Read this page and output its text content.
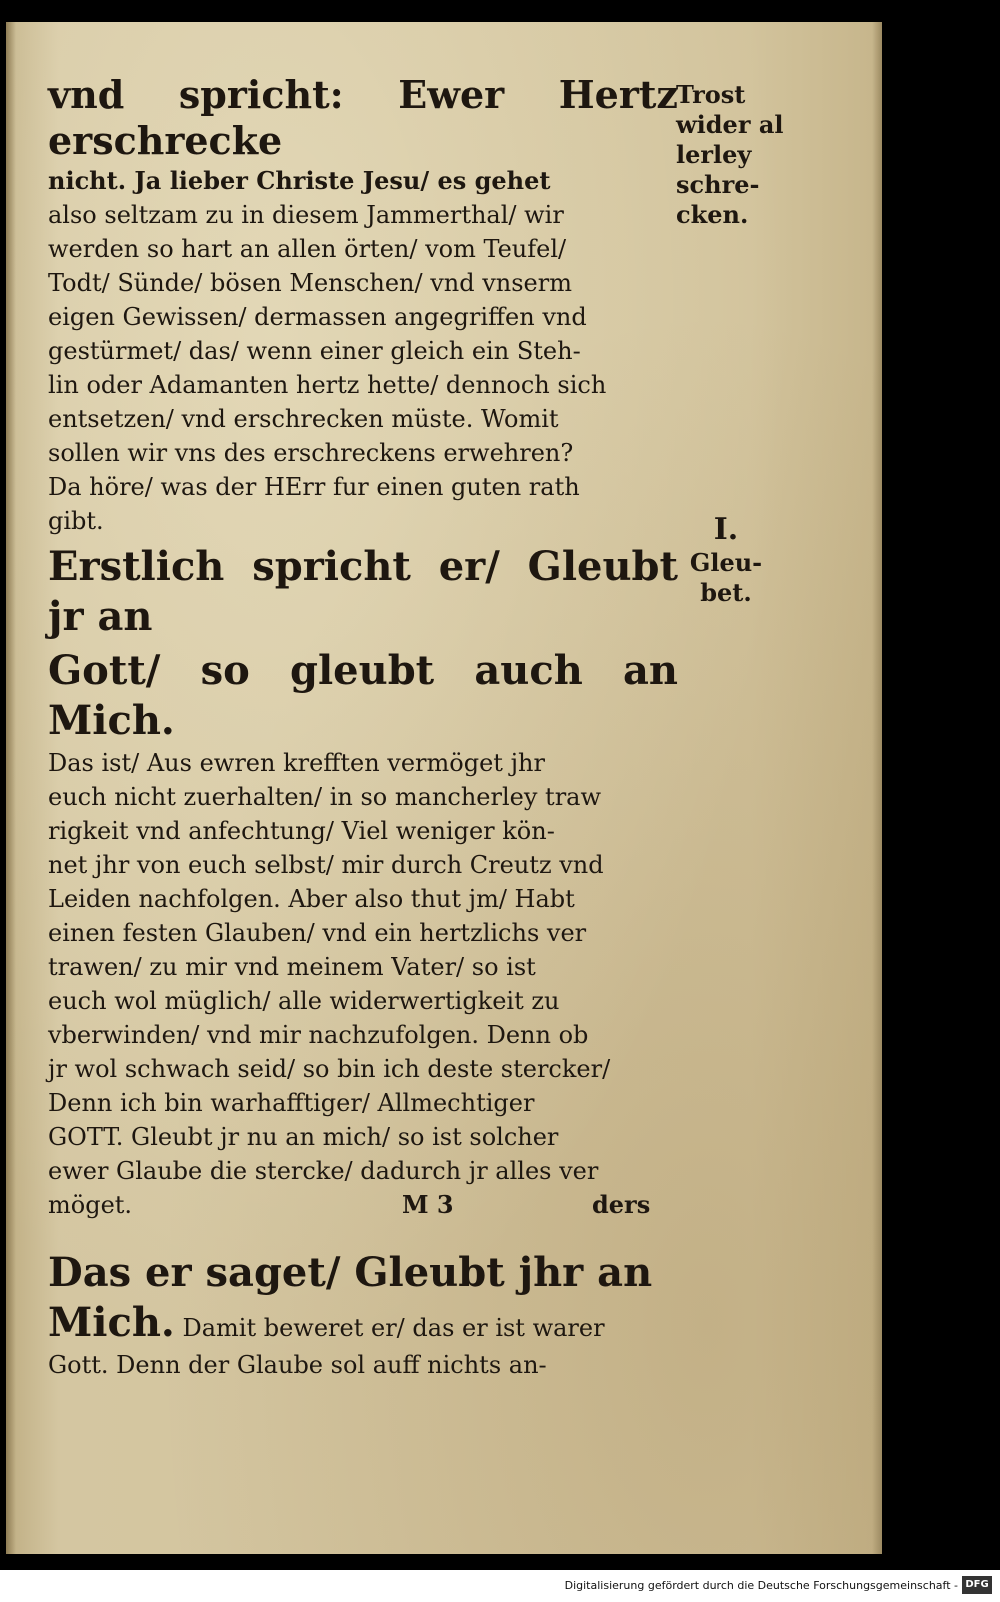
vnd spricht: Ewer Hertz erschrecke

nicht. Ja lieber Christe Jesu/ es gehet

also seltzam zu in diesem Jammerthal/ wir

werden so hart an allen örten/ vom Teufel/

Todt/ Sünde/ bösen Menschen/ vnd vnserm

eigen Gewissen/ dermassen angegriffen vnd

gestürmet/ das/ wenn einer gleich ein Steh-

lin oder Adamanten hertz hette/ dennoch sich

entsetzen/ vnd erschrecken müste. Womit

sollen wir vns des erschreckens erwehren?

Da höre/ was der HErr fur einen guten rath

gibt.

Erstlich spricht er/ Gleubt jr an

Gott/ so gleubt auch an Mich.

Das ist/ Aus ewren krefften vermöget jhr

euch nicht zuerhalten/ in so mancherley traw

rigkeit vnd anfechtung/ Viel weniger kön-

net jhr von euch selbst/ mir durch Creutz vnd

Leiden nachfolgen. Aber also thut jm/ Habt

einen festen Glauben/ vnd ein hertzlichs ver

trawen/ zu mir vnd meinem Vater/ so ist

euch wol müglich/ alle widerwertigkeit zu

vberwinden/ vnd mir nachzufolgen. Denn ob

jr wol schwach seid/ so bin ich deste stercker/

Denn ich bin warhafftiger/ Allmechtiger

GOTT. Gleubt jr nu an mich/ so ist solcher

ewer Glaube die stercke/ dadurch jr alles ver

möget.

Das er saget/ Gleubt jhr an

Mich. Damit beweret er/ das er ist warer

Gott. Denn der Glaube sol auff nichts an-

Trost
wider al
lerley
schre-
cken.
I.
Gleu-
bet.
M 3	ders
Digitalisierung gefördert durch die Deutsche Forschungsgemeinschaft - DFG
